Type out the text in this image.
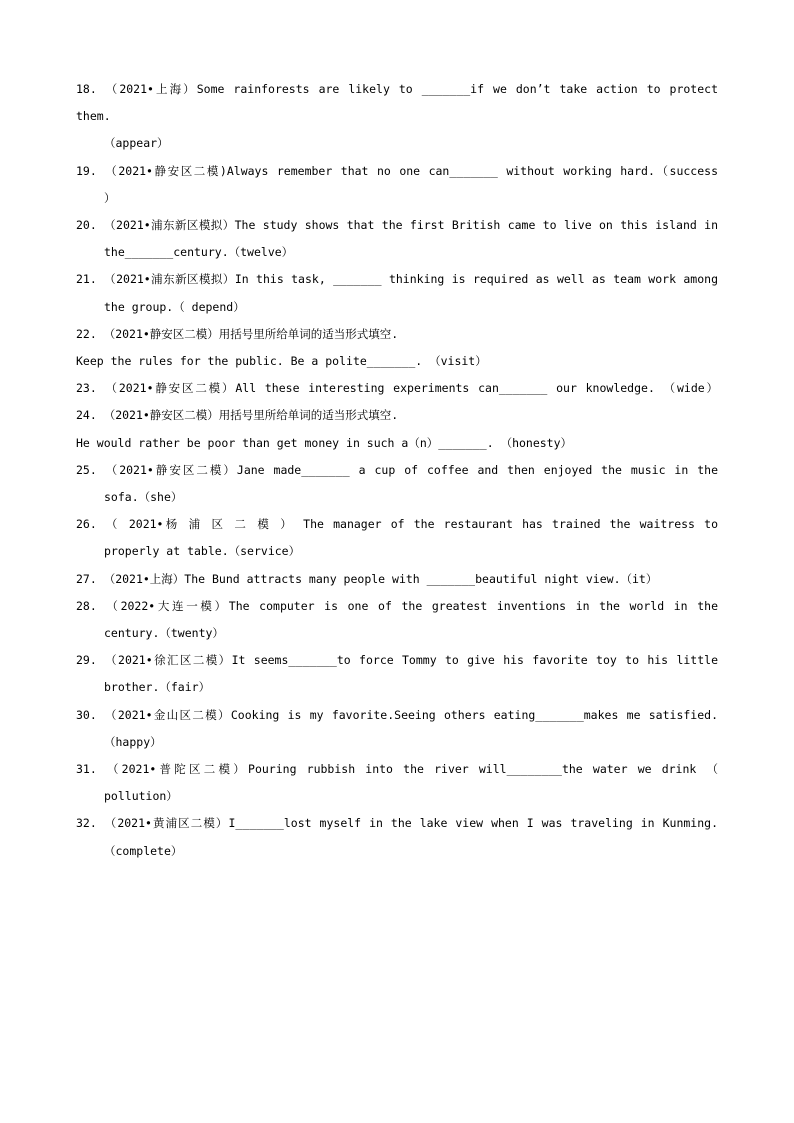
18. （2021•上海）Some rainforests are likely to _______if we don’t take action to protect them.
（appear）
19. （2021•静安区二模)Always remember that no one can_______ without working hard.（success
）
20. （2021•浦东新区模拟）The study shows that the first British came to live on this island in
the_______century.（twelve）
21. （2021•浦东新区模拟）In this task, _______ thinking is required as well as team work among
the group.（ depend）
22. （2021•静安区二模）用括号里所给单词的适当形式填空.
Keep the rules for the public. Be a polite_______. （visit）
23. （2021•静安区二模）All these interesting experiments can_______ our knowledge. （wide）
24. （2021•静安区二模）用括号里所给单词的适当形式填空.
He would rather be poor than get money in such a（n）_______. （honesty）
25. （2021•静安区二模）Jane made_______ a cup of coffee and then enjoyed the music in the
sofa.（she）
26. （ 2021•杨 浦 区 二 模 ） The manager of the restaurant has trained the waitress to
properly at table.（service）
27. （2021•上海）The Bund attracts many people with _______beautiful night view.（it）
28. （2022•大连一模）The computer is one of the greatest inventions in the world in the
century.（twenty）
29. （2021•徐汇区二模）It seems_______to force Tommy to give his favorite toy to his little
brother.（fair）
30. （2021•金山区二模）Cooking is my favorite.Seeing others eating_______makes me satisfied.
（happy）
31. （2021•普陀区二模）Pouring rubbish into the river will________the water we drink （
pollution）
32. （2021•黄浦区二模）I_______lost myself in the lake view when I was traveling in Kunming.
（complete）
